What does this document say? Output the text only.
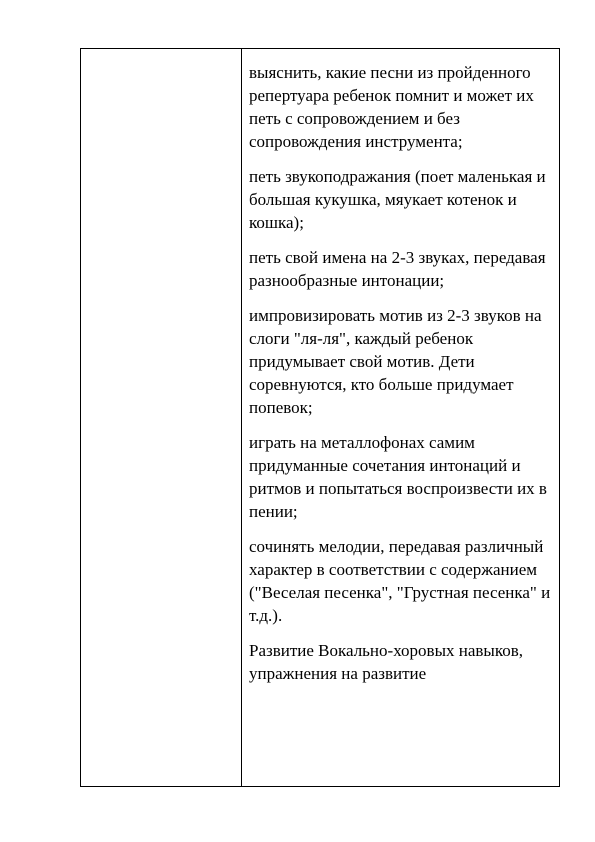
выяснить, какие песни из пройденного репертуара ребенок помнит и может их петь с сопровождением и без сопровождения инструмента;

петь звукоподражания (поет маленькая и большая кукушка, мяукает котенок и кошка);

петь свой имена на 2-3 звуках, передавая разнообразные интонации;

импровизировать мотив из 2-3 звуков на слоги "ля-ля", каждый ребенок придумывает свой мотив. Дети соревнуются, кто больше придумает попевок;

играть на металлофонах самим придуманные сочетания интонаций и ритмов и попытаться воспроизвести их в пении;

сочинять мелодии, передавая различный характер в соответствии с содержанием ("Веселая песенка", "Грустная песенка" и т.д.).

Развитие Вокально-хоровых навыков, упражнения на развитие
